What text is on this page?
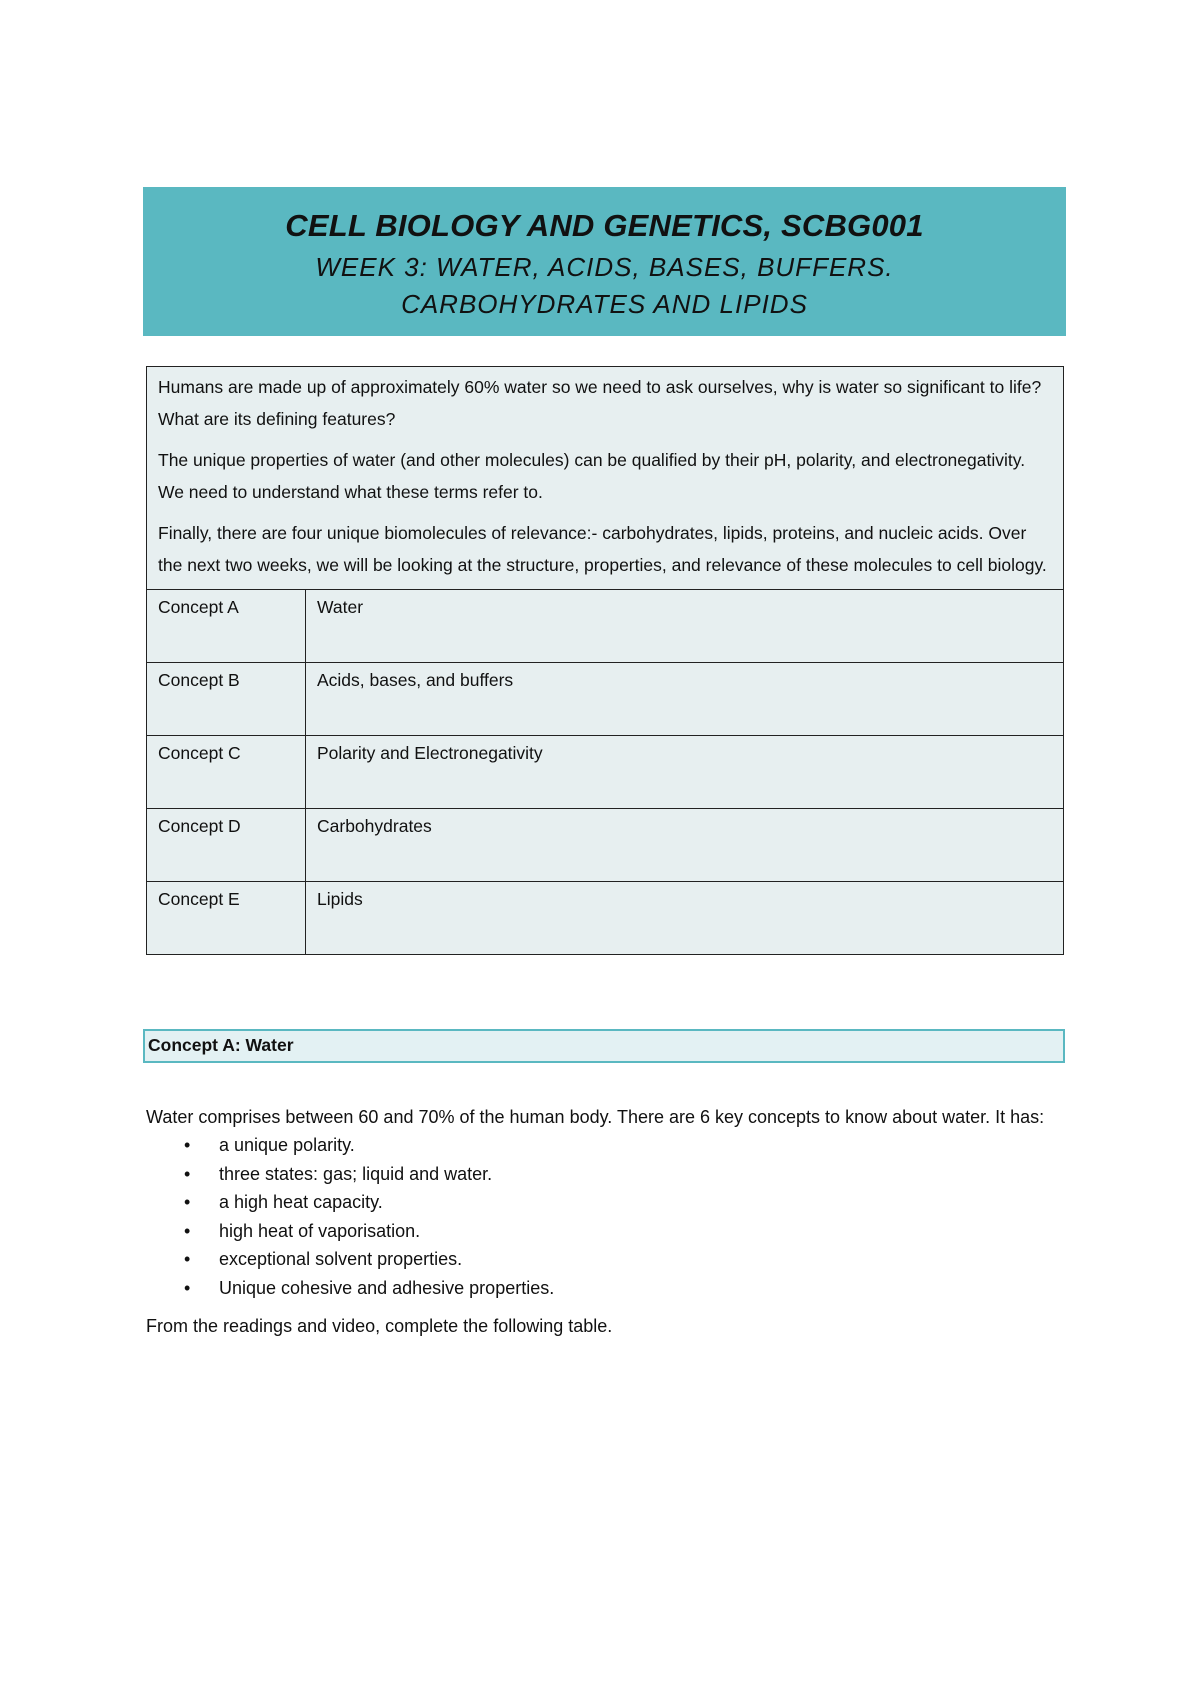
CELL BIOLOGY AND GENETICS, SCBG001
WEEK 3: WATER, ACIDS, BASES, BUFFERS.
CARBOHYDRATES AND LIPIDS

Humans are made up of approximately 60% water so we need to ask ourselves, why is water so significant to life? What are its defining features?

The unique properties of water (and other molecules) can be qualified by their pH, polarity, and electronegativity. We need to understand what these terms refer to.

Finally, there are four unique biomolecules of relevance:- carbohydrates, lipids, proteins, and nucleic acids. Over the next two weeks, we will be looking at the structure, properties, and relevance of these molecules to cell biology.	

Concept A	Water
Concept B	Acids, bases, and buffers
Concept C	Polarity and Electronegativity
Concept D	Carbohydrates
Concept E	Lipids
Concept A: Water

Water comprises between 60 and 70% of the human body. There are 6 key concepts to know about water. It has:

• a unique polarity.
• three states: gas; liquid and water.
• a high heat capacity.
• high heat of vaporisation.
• exceptional solvent properties.
• Unique cohesive and adhesive properties.

From the readings and video, complete the following table.
